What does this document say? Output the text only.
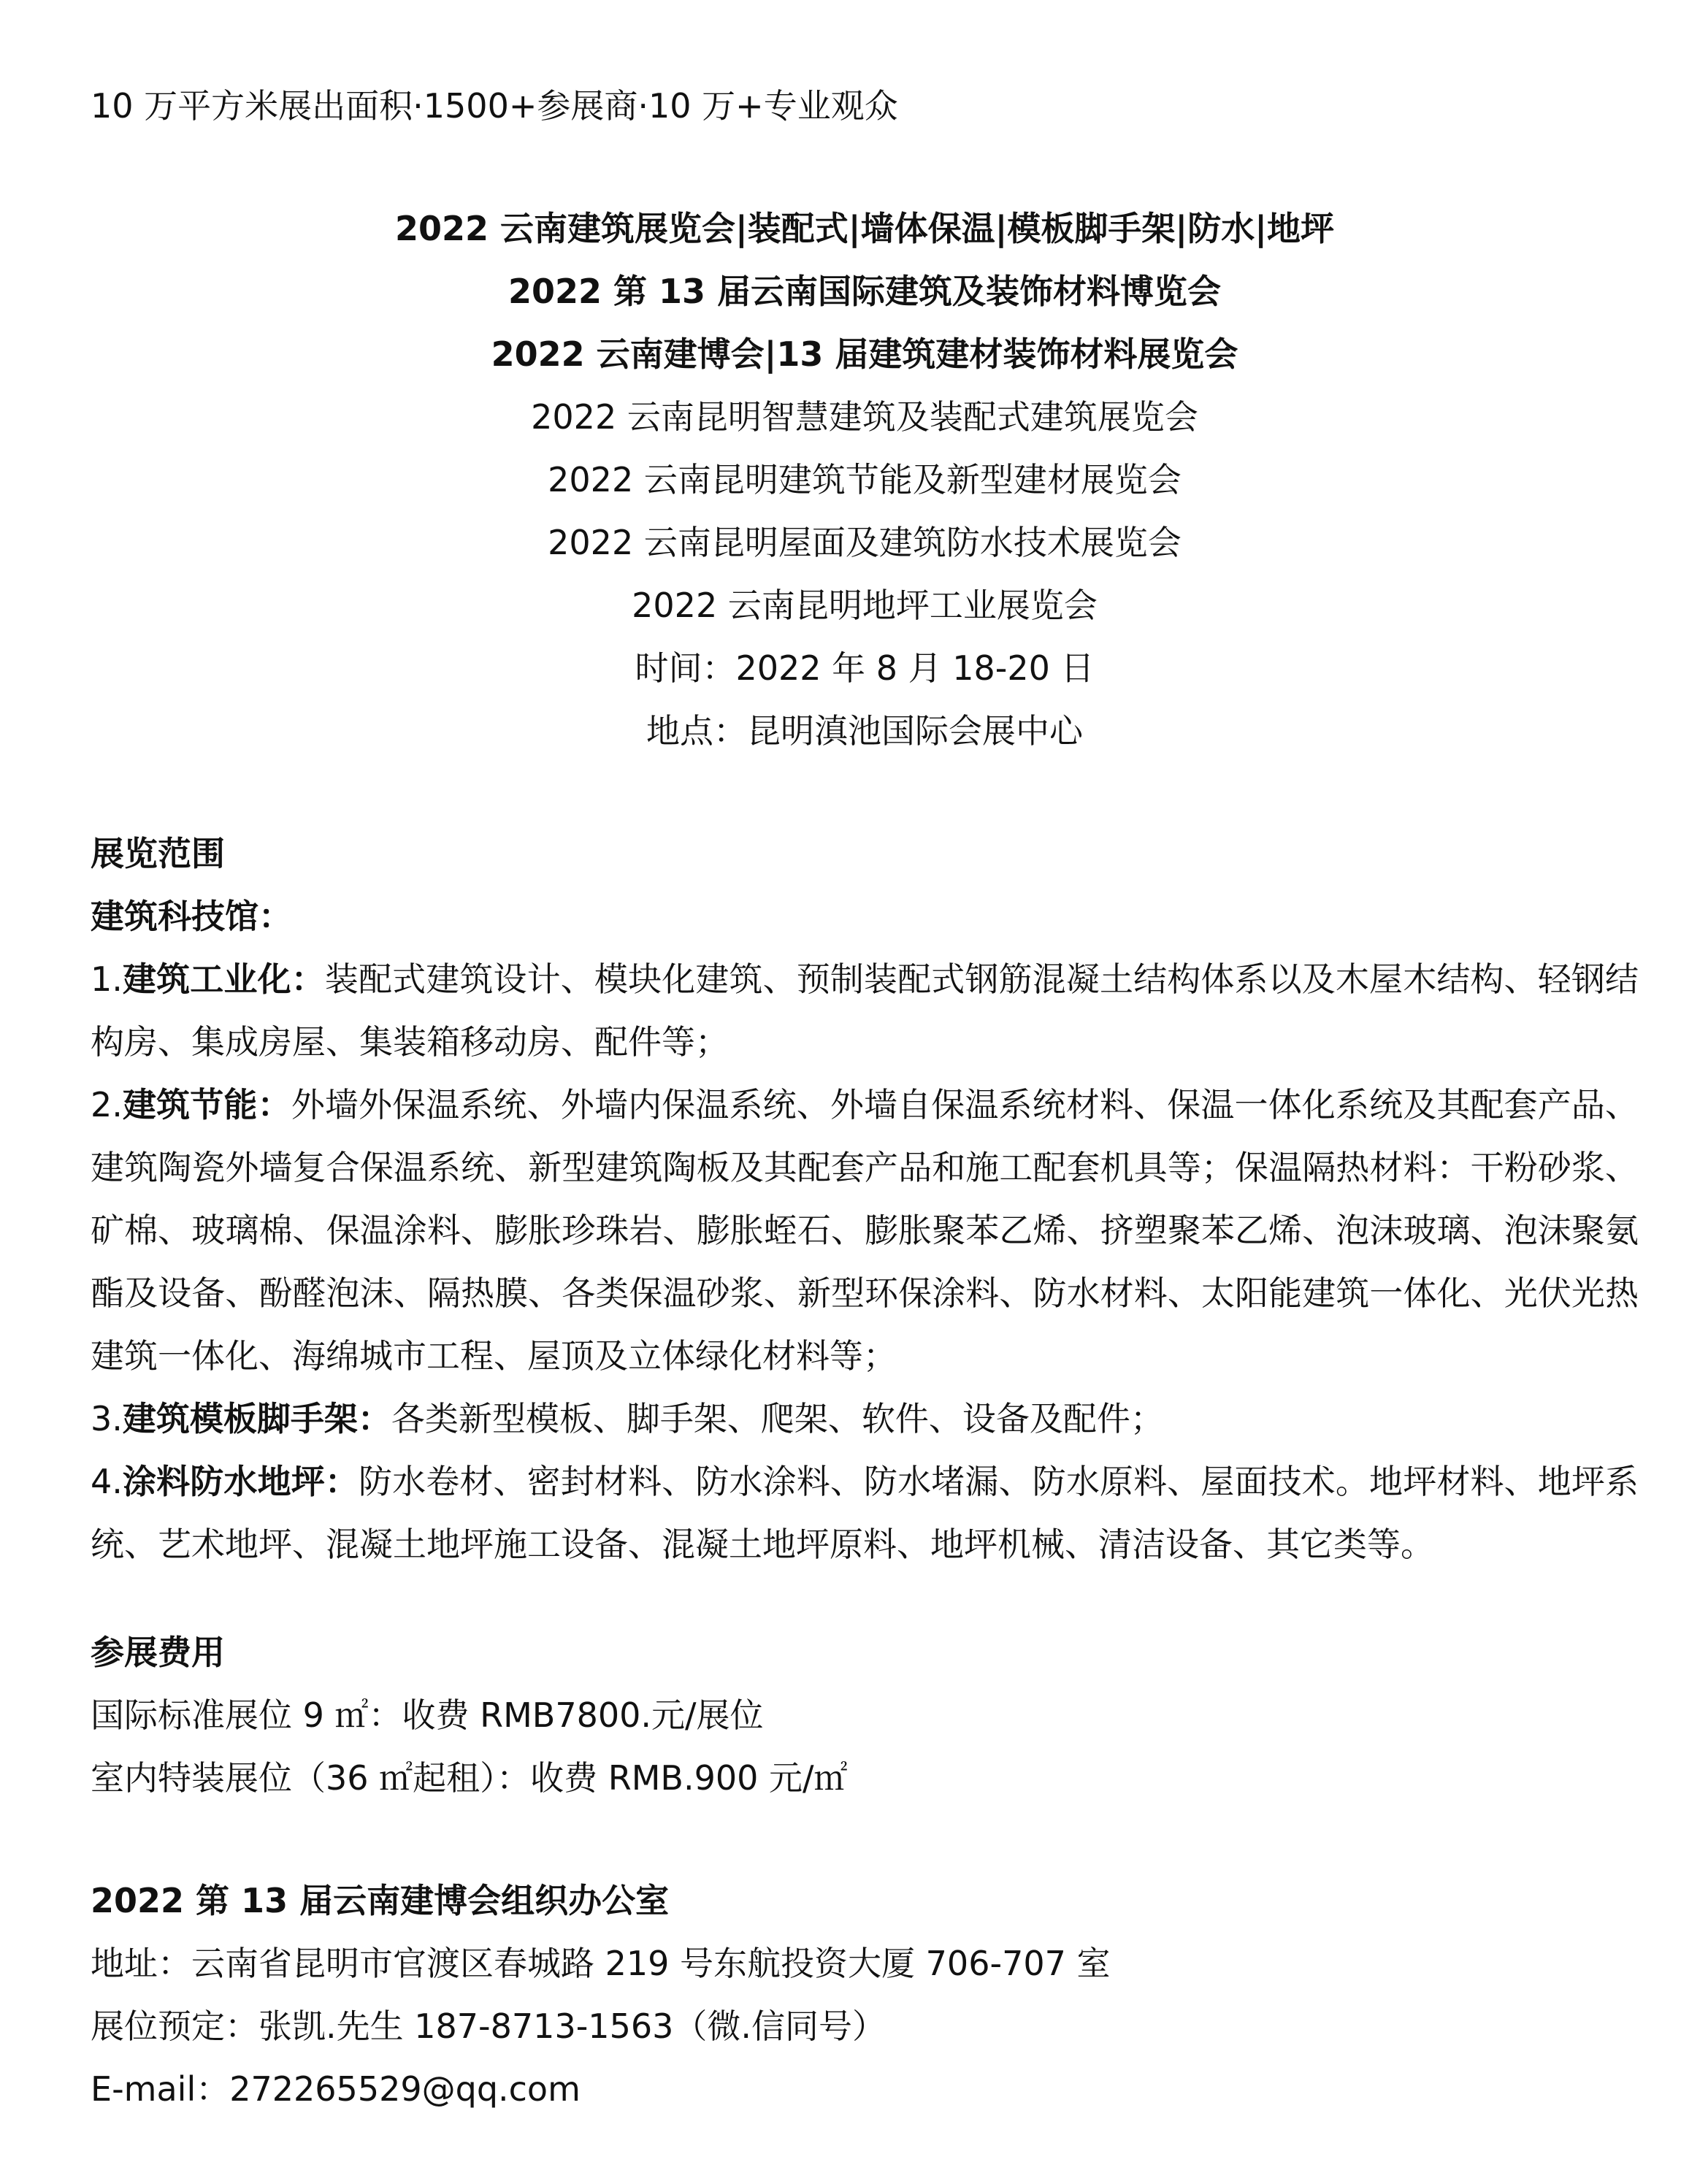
10 万平方米展出面积·1500+参展商·10 万+专业观众
2022 云南建筑展览会|装配式|墙体保温|模板脚手架|防水|地坪
2022 第 13 届云南国际建筑及装饰材料博览会
2022 云南建博会|13 届建筑建材装饰材料展览会
2022 云南昆明智慧建筑及装配式建筑展览会
2022 云南昆明建筑节能及新型建材展览会
2022 云南昆明屋面及建筑防水技术展览会
2022 云南昆明地坪工业展览会
时间：2022 年 8 月 18-20 日
地点：昆明滇池国际会展中心
展览范围
建筑科技馆：
1.建筑工业化：装配式建筑设计、模块化建筑、预制装配式钢筋混凝土结构体系以及木屋木结构、轻钢结构房、集成房屋、集装箱移动房、配件等；
2.建筑节能：外墙外保温系统、外墙内保温系统、外墙自保温系统材料、保温一体化系统及其配套产品、建筑陶瓷外墙复合保温系统、新型建筑陶板及其配套产品和施工配套机具等；保温隔热材料：干粉砂浆、矿棉、玻璃棉、保温涂料、膨胀珍珠岩、膨胀蛭石、膨胀聚苯乙烯、挤塑聚苯乙烯、泡沫玻璃、泡沫聚氨酯及设备、酚醛泡沫、隔热膜、各类保温砂浆、新型环保涂料、防水材料、太阳能建筑一体化、光伏光热建筑一体化、海绵城市工程、屋顶及立体绿化材料等；
3.建筑模板脚手架：各类新型模板、脚手架、爬架、软件、设备及配件；
4.涂料防水地坪：防水卷材、密封材料、防水涂料、防水堵漏、防水原料、屋面技术。地坪材料、地坪系统、艺术地坪、混凝土地坪施工设备、混凝土地坪原料、地坪机械、清洁设备、其它类等。
参展费用
国际标准展位 9 ㎡：收费 RMB7800.元/展位
室内特装展位（36 ㎡起租）：收费 RMB.900 元/㎡
2022 第 13 届云南建博会组织办公室
地址：云南省昆明市官渡区春城路 219 号东航投资大厦 706-707 室
展位预定：张凯.先生 187-8713-1563（微.信同号）
E-mail：272265529@qq.com
